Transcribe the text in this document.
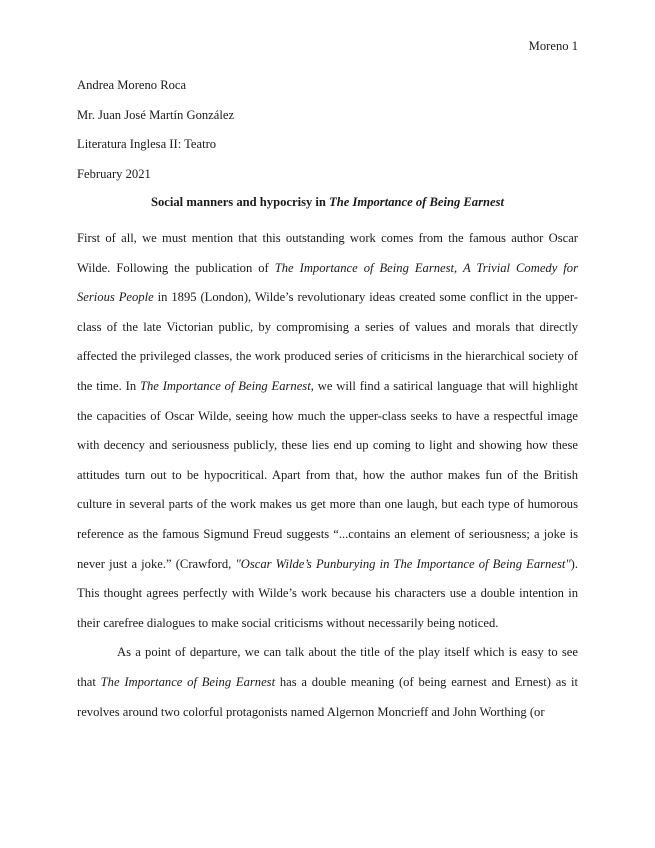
Moreno 1
Andrea Moreno Roca
Mr. Juan José Martín González
Literatura Inglesa II: Teatro
February 2021
Social manners and hypocrisy in The Importance of Being Earnest

First of all, we must mention that this outstanding work comes from the famous author Oscar Wilde. Following the publication of The Importance of Being Earnest, A Trivial Comedy for Serious People in 1895 (London), Wilde’s revolutionary ideas created some conflict in the upper-class of the late Victorian public, by compromising a series of values and morals that directly affected the privileged classes, the work produced series of criticisms in the hierarchical society of the time. In The Importance of Being Earnest, we will find a satirical language that will highlight the capacities of Oscar Wilde, seeing how much the upper-class seeks to have a respectful image with decency and seriousness publicly, these lies end up coming to light and showing how these attitudes turn out to be hypocritical. Apart from that, how the author makes fun of the British culture in several parts of the work makes us get more than one laugh, but each type of humorous reference as the famous Sigmund Freud suggests “...contains an element of seriousness; a joke is never just a joke.” (Crawford, "Oscar Wilde’s Punburying in The Importance of Being Earnest"). This thought agrees perfectly with Wilde’s work because his characters use a double intention in their carefree dialogues to make social criticisms without necessarily being noticed.

As a point of departure, we can talk about the title of the play itself which is easy to see that The Importance of Being Earnest has a double meaning (of being earnest and Ernest) as it revolves around two colorful protagonists named Algernon Moncrieff and John Worthing (or
